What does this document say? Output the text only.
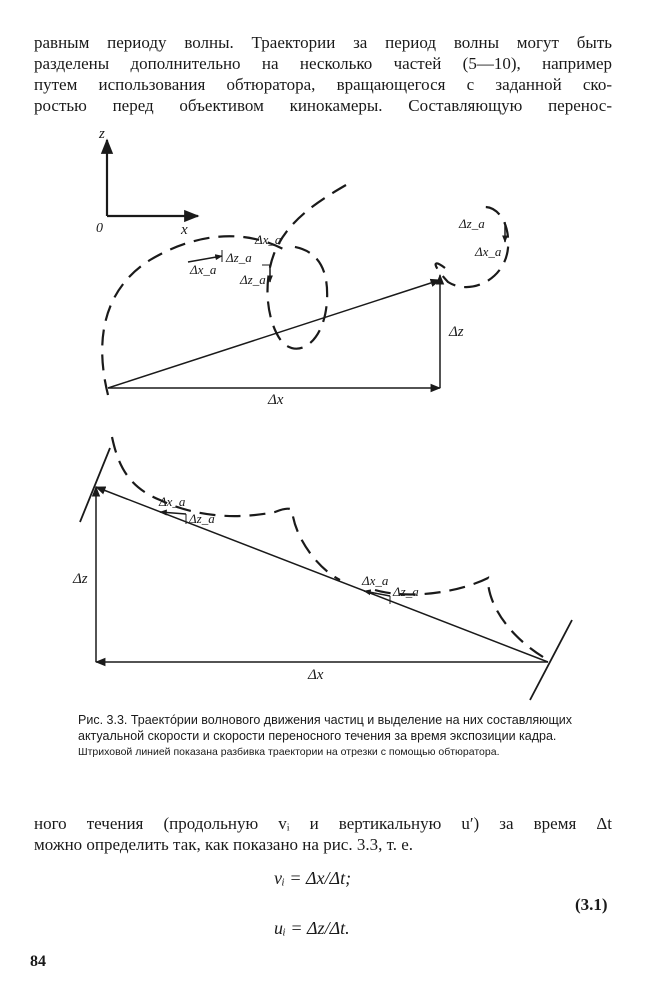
равным периоду волны. Траектории за период волны могут быть
разделены дополнительно на несколько частей (5—10), например
путем использования обтюратора, вращающегося с заданной ско-
ростью перед объективом кинокамеры. Составляющую перенос-
z
x
0
Δx_a
Δz_a
Δx_a
Δz_a
Δz_a
Δx_a
Δz
Δx
Δx_a
Δz_a
Δx_a
Δz_a
Δz
Δx

Рис. 3.3. Траектóрии волнового движения частиц и выделение на них составляющих актуальной скорости и скорости переносного течения за время экспозиции кадра.

Штриховой линией показана разбивка траектории на отрезки с помощью обтюратора.

ного течения (продольную vᵢ и вертикальную u′) за время Δt
можно определить так, как показано на рис. 3.3, т. е.
vᵢ = Δx/Δt;
(3.1)
uᵢ = Δz/Δt.
84
